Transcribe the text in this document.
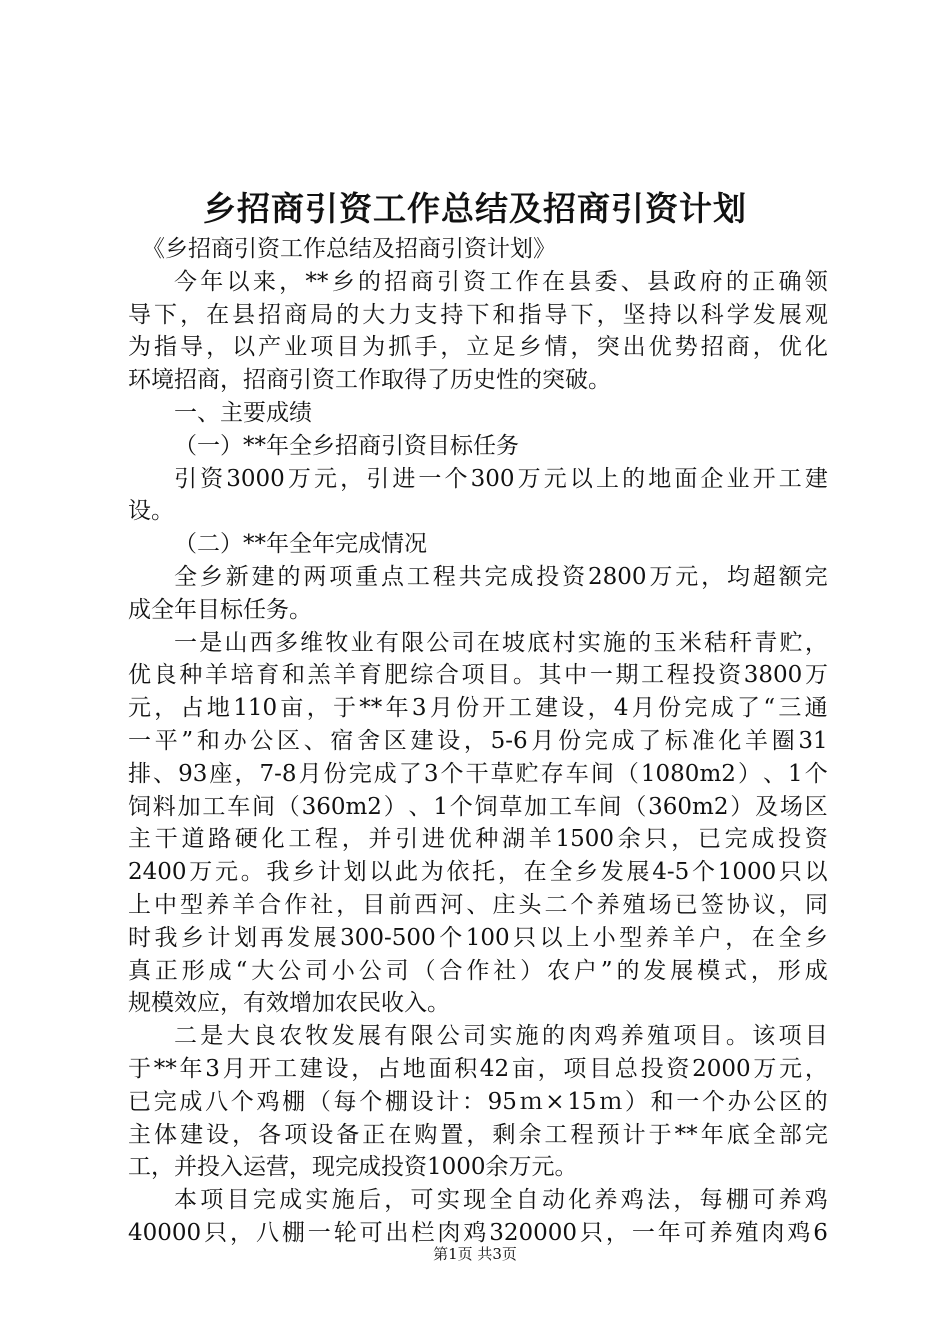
乡招商引资工作总结及招商引资计划
《乡招商引资工作总结及招商引资计划》
今 年 以 来 ， ** 乡 的 招 商 引 资 工 作 在 县 委 、 县 政 府 的 正 确 领
导 下 ， 在 县 招 商 局 的 大 力 支 持 下 和 指 导 下 ， 坚 持 以 科 学 发 展 观
为 指 导 ， 以 产 业 项 目 为 抓 手 ， 立 足 乡 情 ， 突 出 优 势 招 商 ， 优 化
环境招商，招商引资工作取得了历史性的突破。
一、主要成绩
（一）**年全乡招商引资目标任务
引 资 3000 万 元 ， 引 进 一 个 300 万 元 以 上 的 地 面 企 业 开 工 建
设。
（二）**年全年完成情况
全 乡 新 建 的 两 项 重 点 工 程 共 完 成 投 资 2800 万 元 ， 均 超 额 完
成全年目标任务。
一 是 山 西 多 维 牧 业 有 限 公 司 在 坡 底 村 实 施 的 玉 米 秸 秆 青 贮 ，
优 良 种 羊 培 育 和 羔 羊 育 肥 综 合 项 目 。 其 中 一 期 工 程 投 资 3800 万
元 ， 占 地 110 亩 ， 于 ** 年 3 月 份 开 工 建 设 ， 4 月 份 完 成 了 “ 三 通
一 平 ” 和 办 公 区 、 宿 舍 区 建 设 ， 5-6 月 份 完 成 了 标 准 化 羊 圈 31
排 、 93 座 ， 7-8 月 份 完 成 了 3 个 干 草 贮 存 车 间 （ 1080m2 ） 、 1 个
饲 料 加 工 车 间 （ 360m2 ） 、 1 个 饲 草 加 工 车 间 （ 360m2 ） 及 场 区
主 干 道 路 硬 化 工 程 ， 并 引 进 优 种 湖 羊 1500 余 只 ， 已 完 成 投 资
2400 万 元 。 我 乡 计 划 以 此 为 依 托 ， 在 全 乡 发 展 4-5 个 1000 只 以
上 中 型 养 羊 合 作 社 ， 目 前 西 河 、 庄 头 二 个 养 殖 场 已 签 协 议 ， 同
时 我 乡 计 划 再 发 展 300-500 个 100 只 以 上 小 型 养 羊 户 ， 在 全 乡
真 正 形 成 “ 大 公 司 小 公 司 （ 合 作 社 ） 农 户 ” 的 发 展 模 式 ， 形 成
规模效应，有效增加农民收入。
二 是 大 良 农 牧 发 展 有 限 公 司 实 施 的 肉 鸡 养 殖 项 目 。 该 项 目
于 ** 年 3 月 开 工 建 设 ， 占 地 面 积 42 亩 ， 项 目 总 投 资 2000 万 元 ，
已 完 成 八 个 鸡 棚 （ 每 个 棚 设 计 ： 95 ｍ × 15 ｍ ） 和 一 个 办 公 区 的
主 体 建 设 ， 各 项 设 备 正 在 购 置 ， 剩 余 工 程 预 计 于 ** 年 底 全 部 完
工，并投入运营，现完成投资1000余万元。
本 项 目 完 成 实 施 后 ， 可 实 现 全 自 动 化 养 鸡 法 ， 每 棚 可 养 鸡
40000 只 ， 八 棚 一 轮 可 出 栏 肉 鸡 320000 只 ， 一 年 可 养 殖 肉 鸡 6
第1页 共3页
